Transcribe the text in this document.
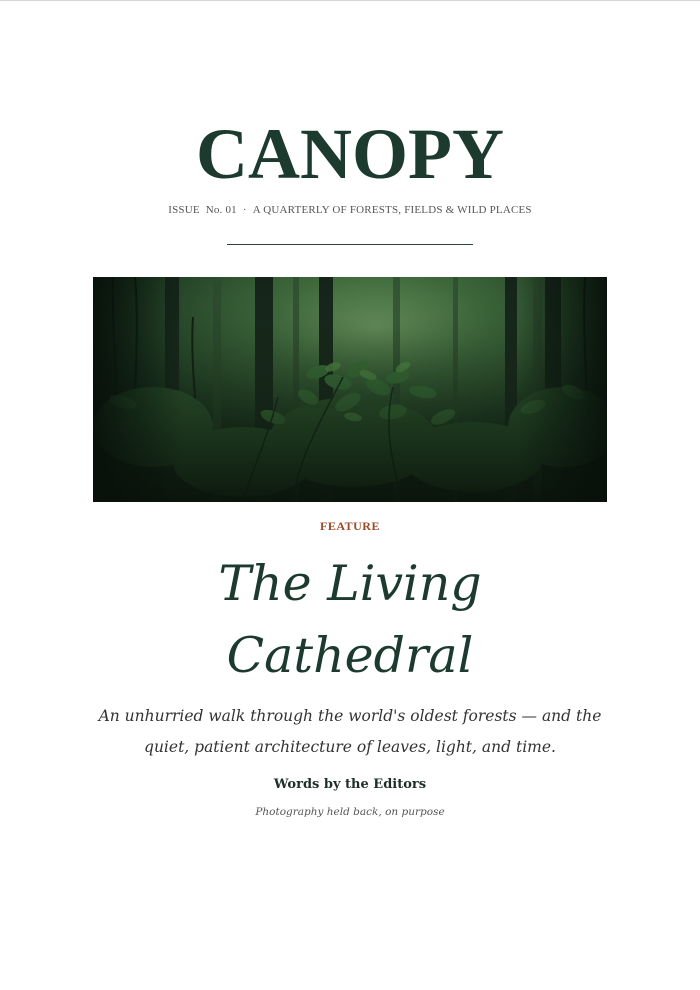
CANOPY
ISSUE  No. 01 · A QUARTERLY OF FORESTS, FIELDS & WILD PLACES
FEATURE
The Living Cathedral
An unhurried walk through the world's oldest forests — and the quiet, patient architecture of leaves, light, and time.
Words by the Editors
Photography held back, on purpose
